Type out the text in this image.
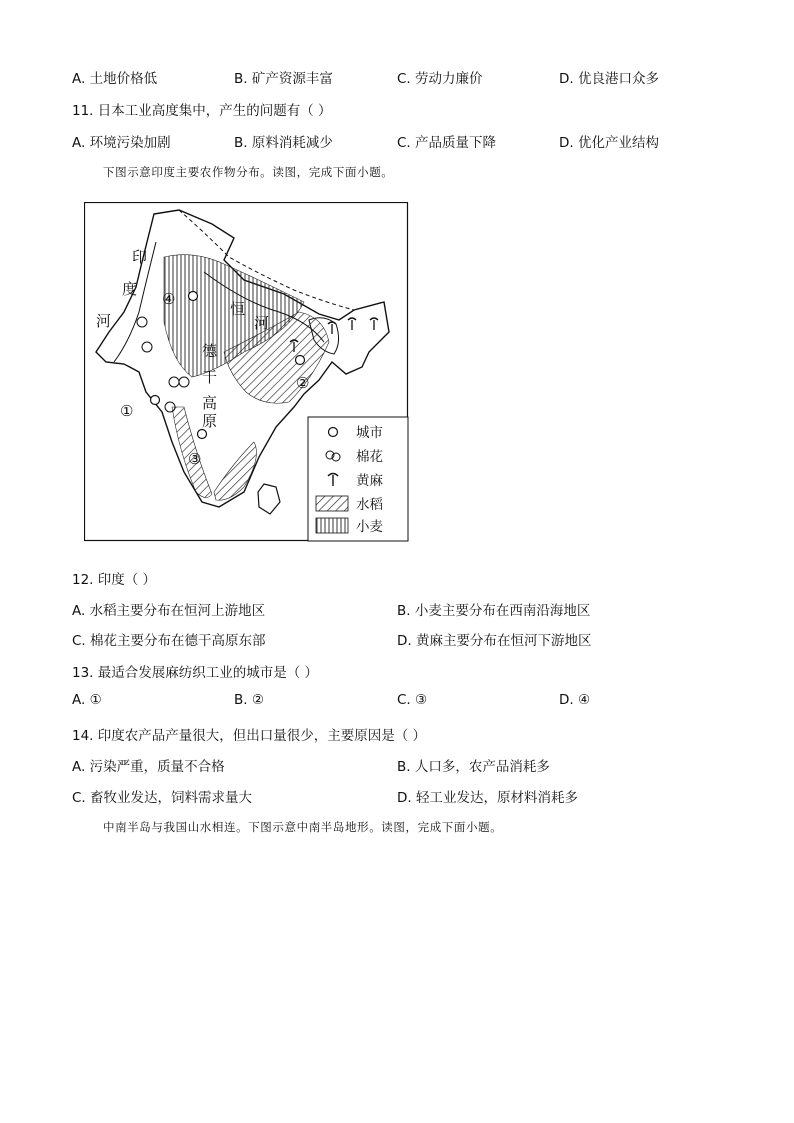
A. 土地价格低	B. 矿产资源丰富	C. 劳动力廉价	D. 优良港口众多
11. 日本工业高度集中，产生的问题有（ ）
A. 环境污染加剧	B. 原料消耗减少	C. 产品质量下降	D. 优化产业结构
下图示意印度主要农作物分布。读图，完成下面小题。
④
②
①
③
印
度
河
恒
河
德
干
高
原
城市
棉花
黄麻
水稻
小麦
12. 印度（ ）
A. 水稻主要分布在恒河上游地区	B. 小麦主要分布在西南沿海地区
C. 棉花主要分布在德干高原东部	D. 黄麻主要分布在恒河下游地区
13. 最适合发展麻纺织工业的城市是（ ）
A. ①	B. ②	C. ③	D. ④
14. 印度农产品产量很大，但出口量很少，主要原因是（ ）
A. 污染严重，质量不合格	B. 人口多，农产品消耗多
C. 畜牧业发达，饲料需求量大	D. 轻工业发达，原材料消耗多
中南半岛与我国山水相连。下图示意中南半岛地形。读图，完成下面小题。
